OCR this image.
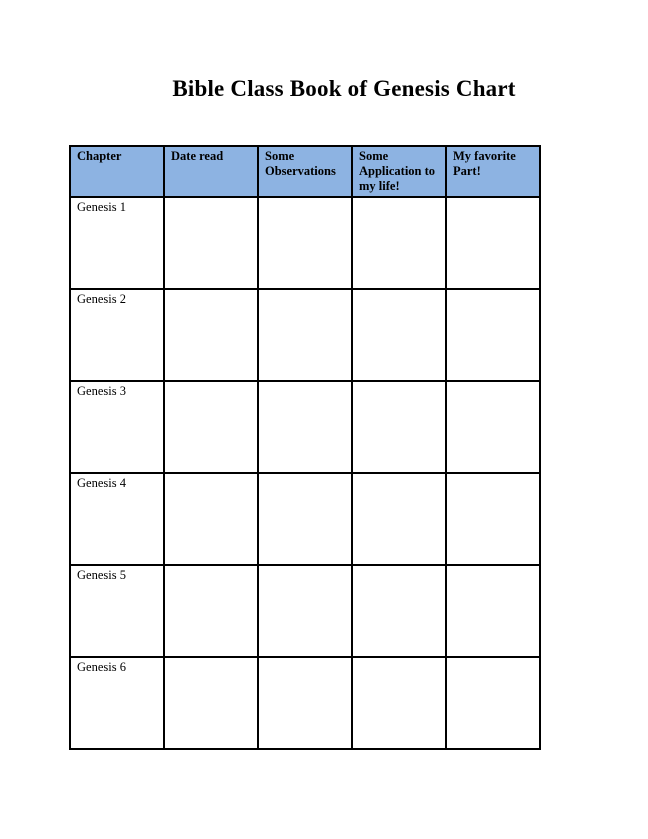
Bible Class Book of Genesis Chart
Chapter	Date read	Some Observations	Some Application to my life!	My favorite Part!
Genesis 1				
Genesis 2				
Genesis 3				
Genesis 4				
Genesis 5				
Genesis 6				
